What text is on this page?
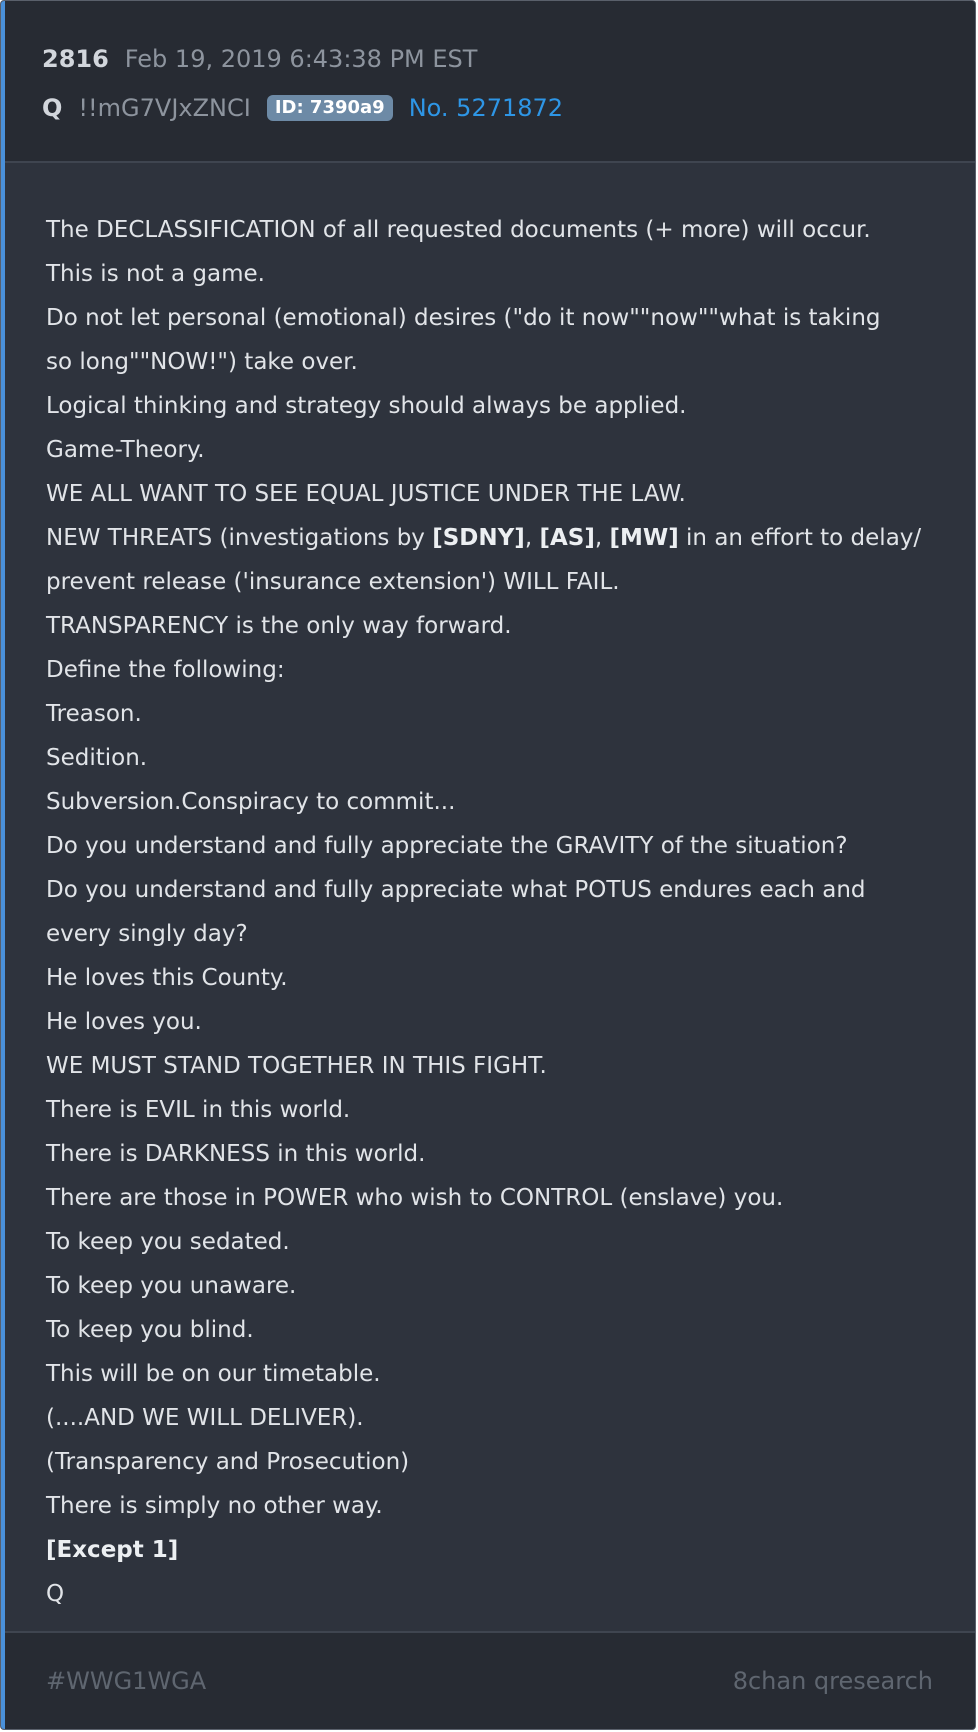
2816 Feb 19, 2019 6:43:38 PM EST
Q !!mG7VJxZNCI	ID: 7390a9	No. 5271872
The DECLASSIFICATION of all requested documents (+ more) will occur.
This is not a game.
Do not let personal (emotional) desires ("do it now""now""what is taking
so long""NOW!") take over.
Logical thinking and strategy should always be applied.
Game-Theory.
WE ALL WANT TO SEE EQUAL JUSTICE UNDER THE LAW.
NEW THREATS (investigations by [SDNY], [AS], [MW] in an effort to delay/
prevent release ('insurance extension') WILL FAIL.
TRANSPARENCY is the only way forward.
Define the following:
Treason.
Sedition.
Subversion.Conspiracy to commit...
Do you understand and fully appreciate the GRAVITY of the situation?
Do you understand and fully appreciate what POTUS endures each and
every singly day?
He loves this County.
He loves you.
WE MUST STAND TOGETHER IN THIS FIGHT.
There is EVIL in this world.
There is DARKNESS in this world.
There are those in POWER who wish to CONTROL (enslave) you.
To keep you sedated.
To keep you unaware.
To keep you blind.
This will be on our timetable.
(....AND WE WILL DELIVER).
(Transparency and Prosecution)
There is simply no other way.
[Except 1]
Q
#WWG1WGA	8chan qresearch
